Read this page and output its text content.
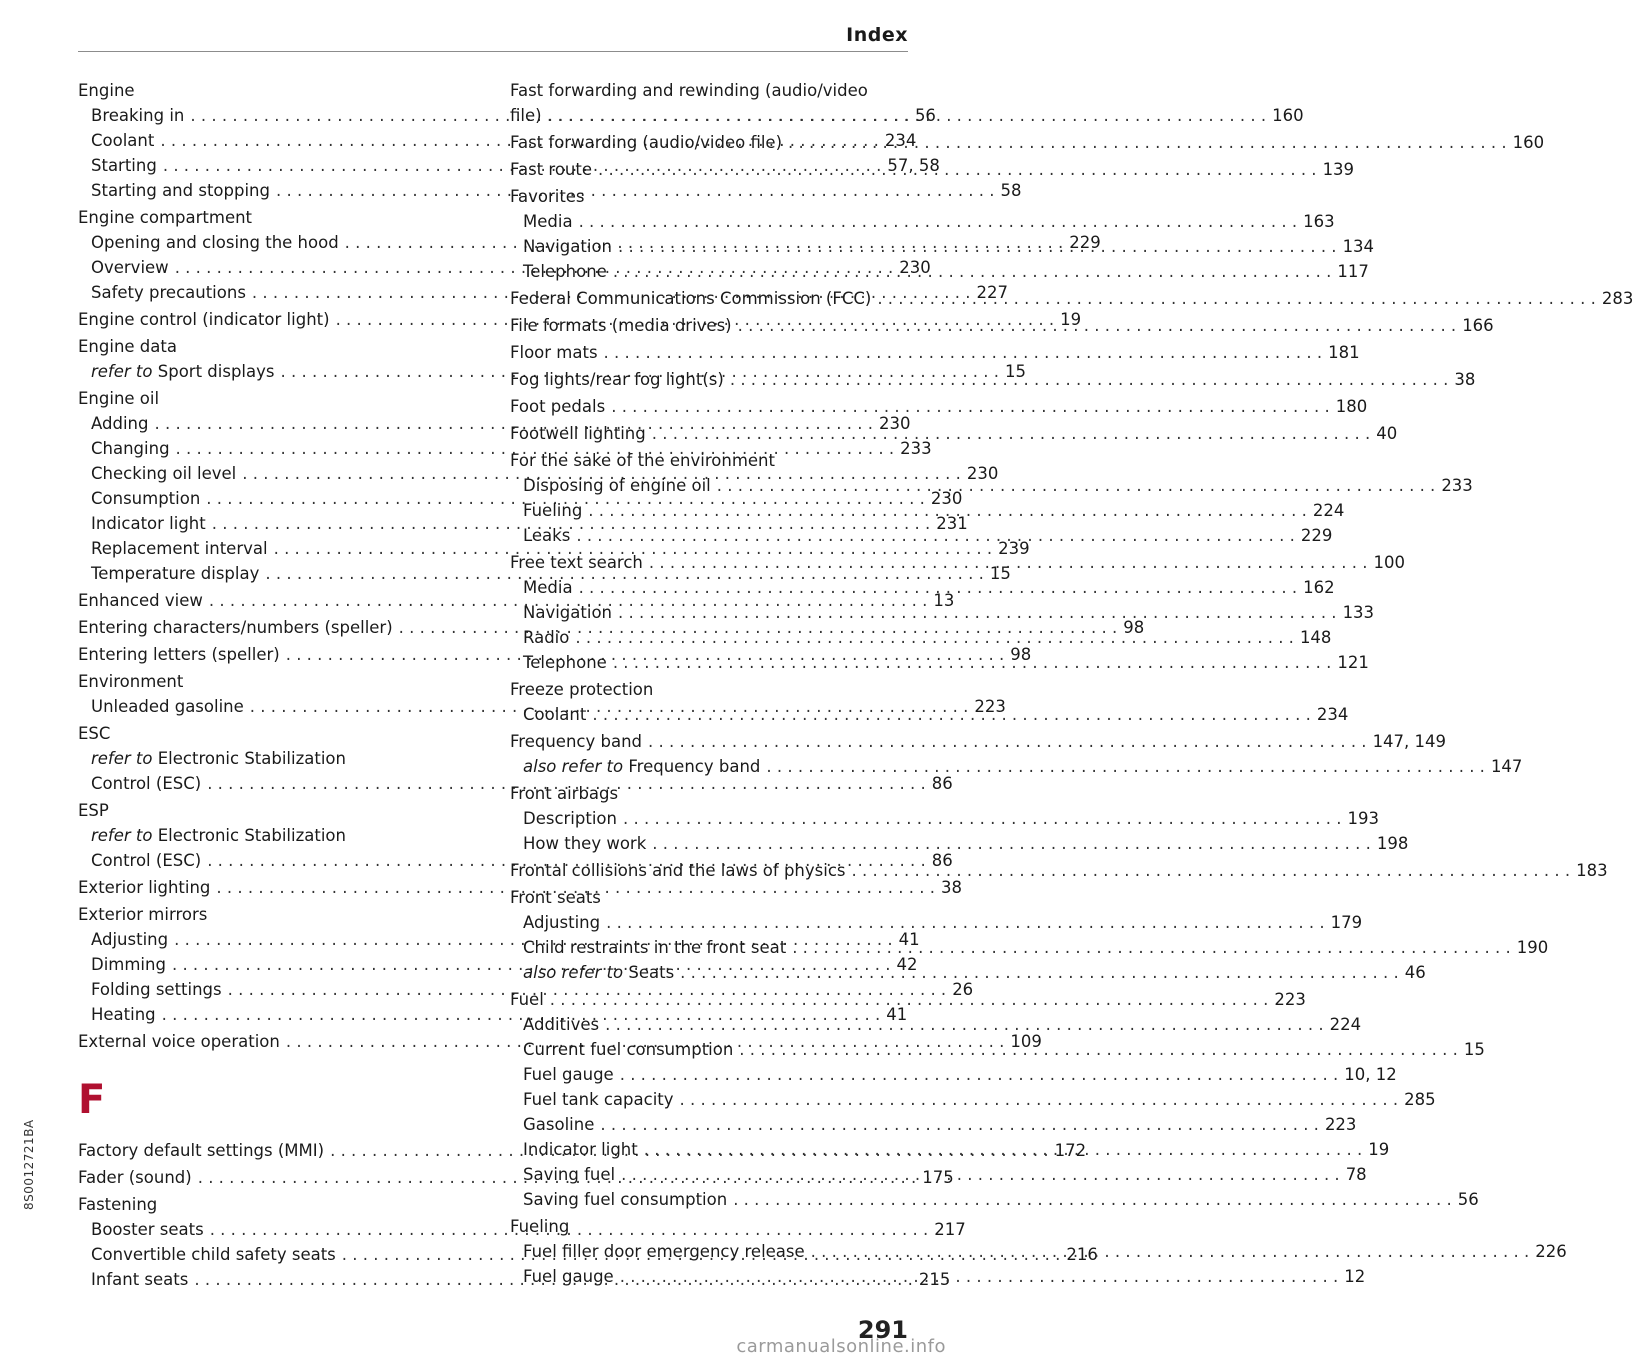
Index
Engine
Breaking in . . .	56
Coolant . . .	234
Starting . . .	57, 58
Starting and stopping . . .	58
Engine compartment
Opening and closing the hood . . .	229
Overview . . .	230
Safety precautions . . .	227
Engine control (indicator light) . . .	19
Engine data
refer to Sport displays . . .	15
Engine oil
Adding . . .	230
Changing . . .	233
Checking oil level . . .	230
Consumption . . .	230
Indicator light . . .	231
Replacement interval . . .	239
Temperature display . . .	15
Enhanced view . . .	13
Entering characters/numbers (speller) . . .	98
Entering letters (speller) . . .	98
Environment
Unleaded gasoline . . .	223
ESC
refer to Electronic Stabilization
Control (ESC) . . .	86
ESP
refer to Electronic Stabilization
Control (ESC) . . .	86
Exterior lighting . . .	38
Exterior mirrors
Adjusting . . .	41
Dimming . . .	42
Folding settings . . .	26
Heating . . .	41
External voice operation . . .	109
F
Factory default settings (MMI) . . .	172
Fader (sound) . . .	175
Fastening
Booster seats . . .	217
Convertible child safety seats . . .	216
Infant seats . . .	215
Fast forwarding and rewinding (audio/video
file) . . .	160
Fast forwarding (audio/video file) . . .	160
Fast route . . .	139
Favorites
Media . . .	163
Navigation . . .	134
Telephone . . .	117
Federal Communications Commission (FCC) . . .	283
File formats (media drives) . . .	166
Floor mats . . .	181
Fog lights/rear fog light(s) . . .	38
Foot pedals . . .	180
Footwell lighting . . .	40
For the sake of the environment
Disposing of engine oil . . .	233
Fueling . . .	224
Leaks . . .	229
Free text search . . .	100
Media . . .	162
Navigation . . .	133
Radio . . .	148
Telephone . . .	121
Freeze protection
Coolant . . .	234
Frequency band . . .	147, 149
also refer to Frequency band . . .	147
Front airbags
Description . . .	193
How they work . . .	198
Frontal collisions and the laws of physics . . .	183
Front seats
Adjusting . . .	179
Child restraints in the front seat . . .	190
also refer to Seats . . .	46
Fuel . . .	223
Additives . . .	224
Current fuel consumption . . .	15
Fuel gauge . . .	10, 12
Fuel tank capacity . . .	285
Gasoline . . .	223
Indicator light . . .	19
Saving fuel . . .	78
Saving fuel consumption . . .	56
Fueling
Fuel filler door emergency release . . .	226
Fuel gauge . . .	12
8S0012721BA
291
carmanualsonline.info
